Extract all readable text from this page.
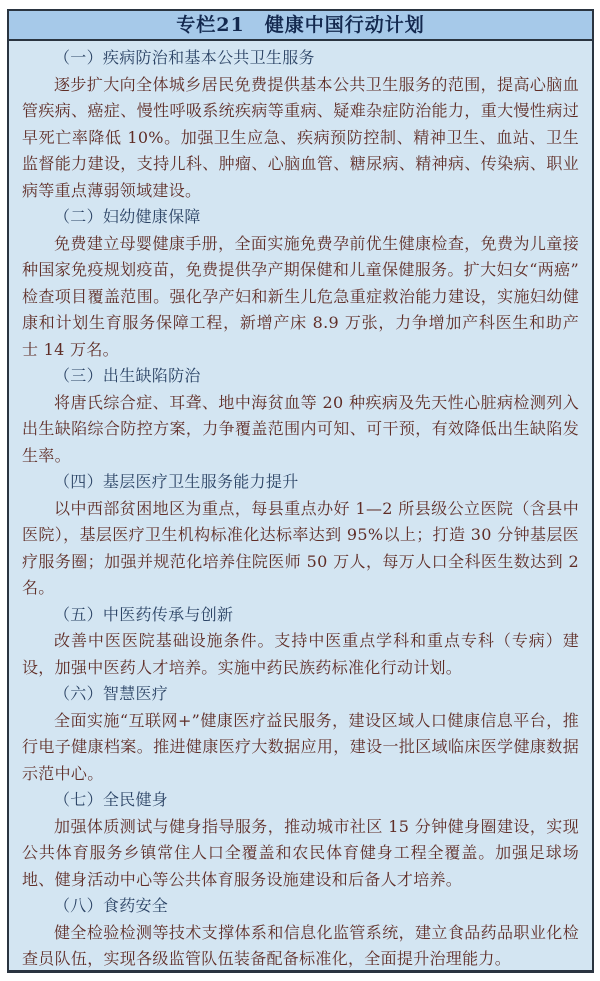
专栏21　健康中国行动计划

（一）疾病防治和基本公共卫生服务

逐步扩大向全体城乡居民免费提供基本公共卫生服务的范围，提高心脑血管疾病、癌症、慢性呼吸系统疾病等重病、疑难杂症防治能力，重大慢性病过早死亡率降低 10%。加强卫生应急、疾病预防控制、精神卫生、血站、卫生监督能力建设，支持儿科、肿瘤、心脑血管、糖尿病、精神病、传染病、职业病等重点薄弱领域建设。

（二）妇幼健康保障

免费建立母婴健康手册，全面实施免费孕前优生健康检查，免费为儿童接种国家免疫规划疫苗，免费提供孕产期保健和儿童保健服务。扩大妇女“两癌”检查项目覆盖范围。强化孕产妇和新生儿危急重症救治能力建设，实施妇幼健康和计划生育服务保障工程，新增产床 8.9 万张，力争增加产科医生和助产士 14 万名。

（三）出生缺陷防治

将唐氏综合症、耳聋、地中海贫血等 20 种疾病及先天性心脏病检测列入出生缺陷综合防控方案，力争覆盖范围内可知、可干预，有效降低出生缺陷发生率。

（四）基层医疗卫生服务能力提升

以中西部贫困地区为重点，每县重点办好 1—2 所县级公立医院（含县中医院），基层医疗卫生机构标准化达标率达到 95%以上；打造 30 分钟基层医疗服务圈；加强并规范化培养住院医师 50 万人，每万人口全科医生数达到 2 名。

（五）中医药传承与创新

改善中医医院基础设施条件。支持中医重点学科和重点专科（专病）建设，加强中医药人才培养。实施中药民族药标准化行动计划。

（六）智慧医疗

全面实施“互联网+”健康医疗益民服务，建设区域人口健康信息平台，推行电子健康档案。推进健康医疗大数据应用，建设一批区域临床医学健康数据示范中心。

（七）全民健身

加强体质测试与健身指导服务，推动城市社区 15 分钟健身圈建设，实现公共体育服务乡镇常住人口全覆盖和农民体育健身工程全覆盖。加强足球场地、健身活动中心等公共体育服务设施建设和后备人才培养。

（八）食药安全

健全检验检测等技术支撑体系和信息化监管系统，建立食品药品职业化检查员队伍，实现各级监管队伍装备配备标准化，全面提升治理能力。
